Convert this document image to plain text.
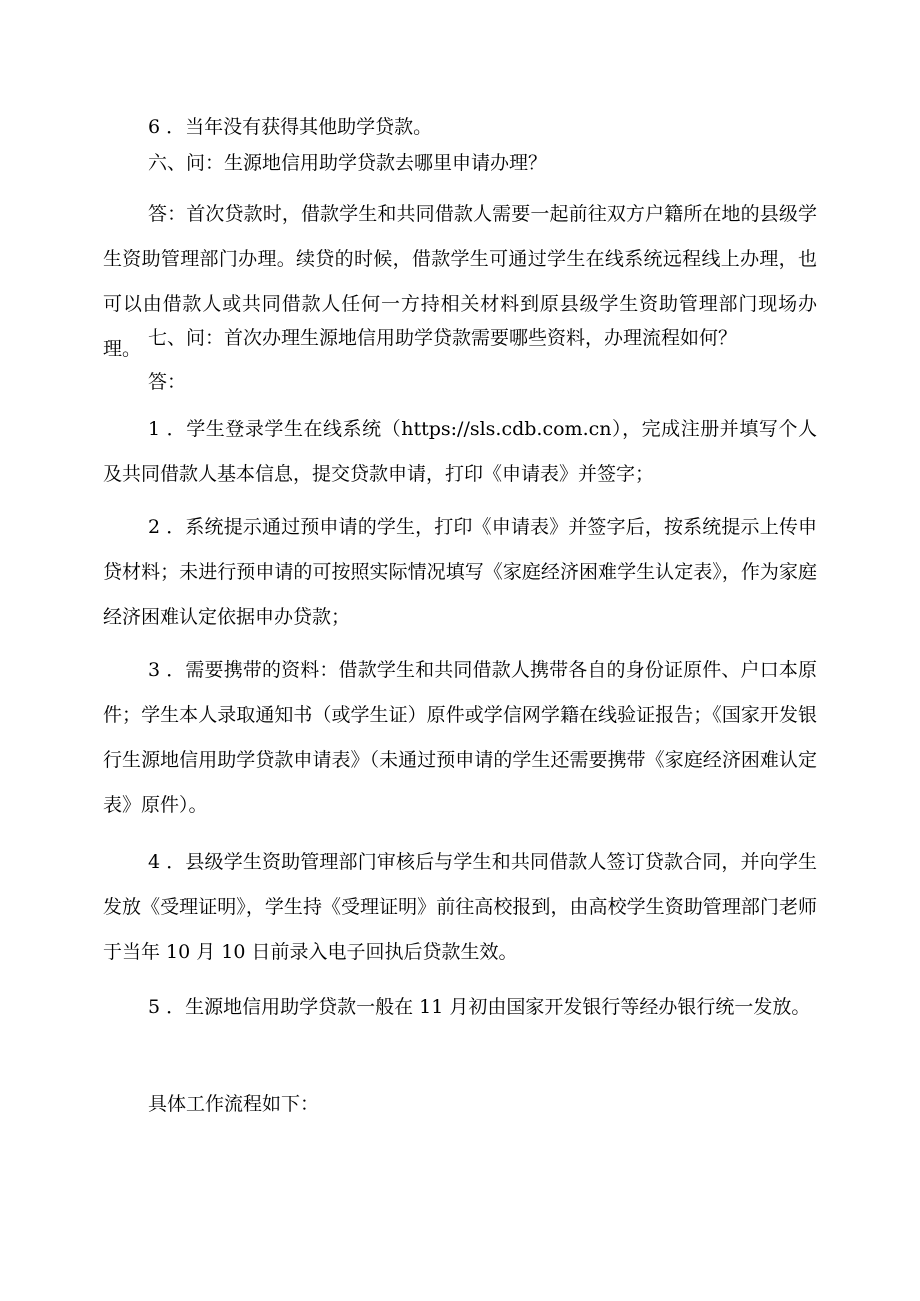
6 ．当年没有获得其他助学贷款。

六、问：生源地信用助学贷款去哪里申请办理？

答：首次贷款时，借款学生和共同借款人需要一起前往双方户籍所在地的县级学生资助管理部门办理。续贷的时候，借款学生可通过学生在线系统远程线上办理，也可以由借款人或共同借款人任何一方持相关材料到原县级学生资助管理部门现场办理。 七、问：首次办理生源地信用助学贷款需要哪些资料，办理流程如何？

答：

1 ．学生登录学生在线系统（https://sls.cdb.com.cn），完成注册并填写个人及共同借款人基本信息，提交贷款申请，打印《申请表》并签字；

2 ．系统提示通过预申请的学生，打印《申请表》并签字后，按系统提示上传申贷材料；未进行预申请的可按照实际情况填写《家庭经济困难学生认定表》，作为家庭经济困难认定依据申办贷款；

3 ．需要携带的资料：借款学生和共同借款人携带各自的身份证原件、户口本原件；学生本人录取通知书（或学生证）原件或学信网学籍在线验证报告；《国家开发银行生源地信用助学贷款申请表》（未通过预申请的学生还需要携带《家庭经济困难认定表》原件）。

4 ．县级学生资助管理部门审核后与学生和共同借款人签订贷款合同，并向学生发放《受理证明》，学生持《受理证明》前往高校报到，由高校学生资助管理部门老师于当年 10 月 10 日前录入电子回执后贷款生效。

5 ．生源地信用助学贷款一般在 11 月初由国家开发银行等经办银行统一发放。

具体工作流程如下：
